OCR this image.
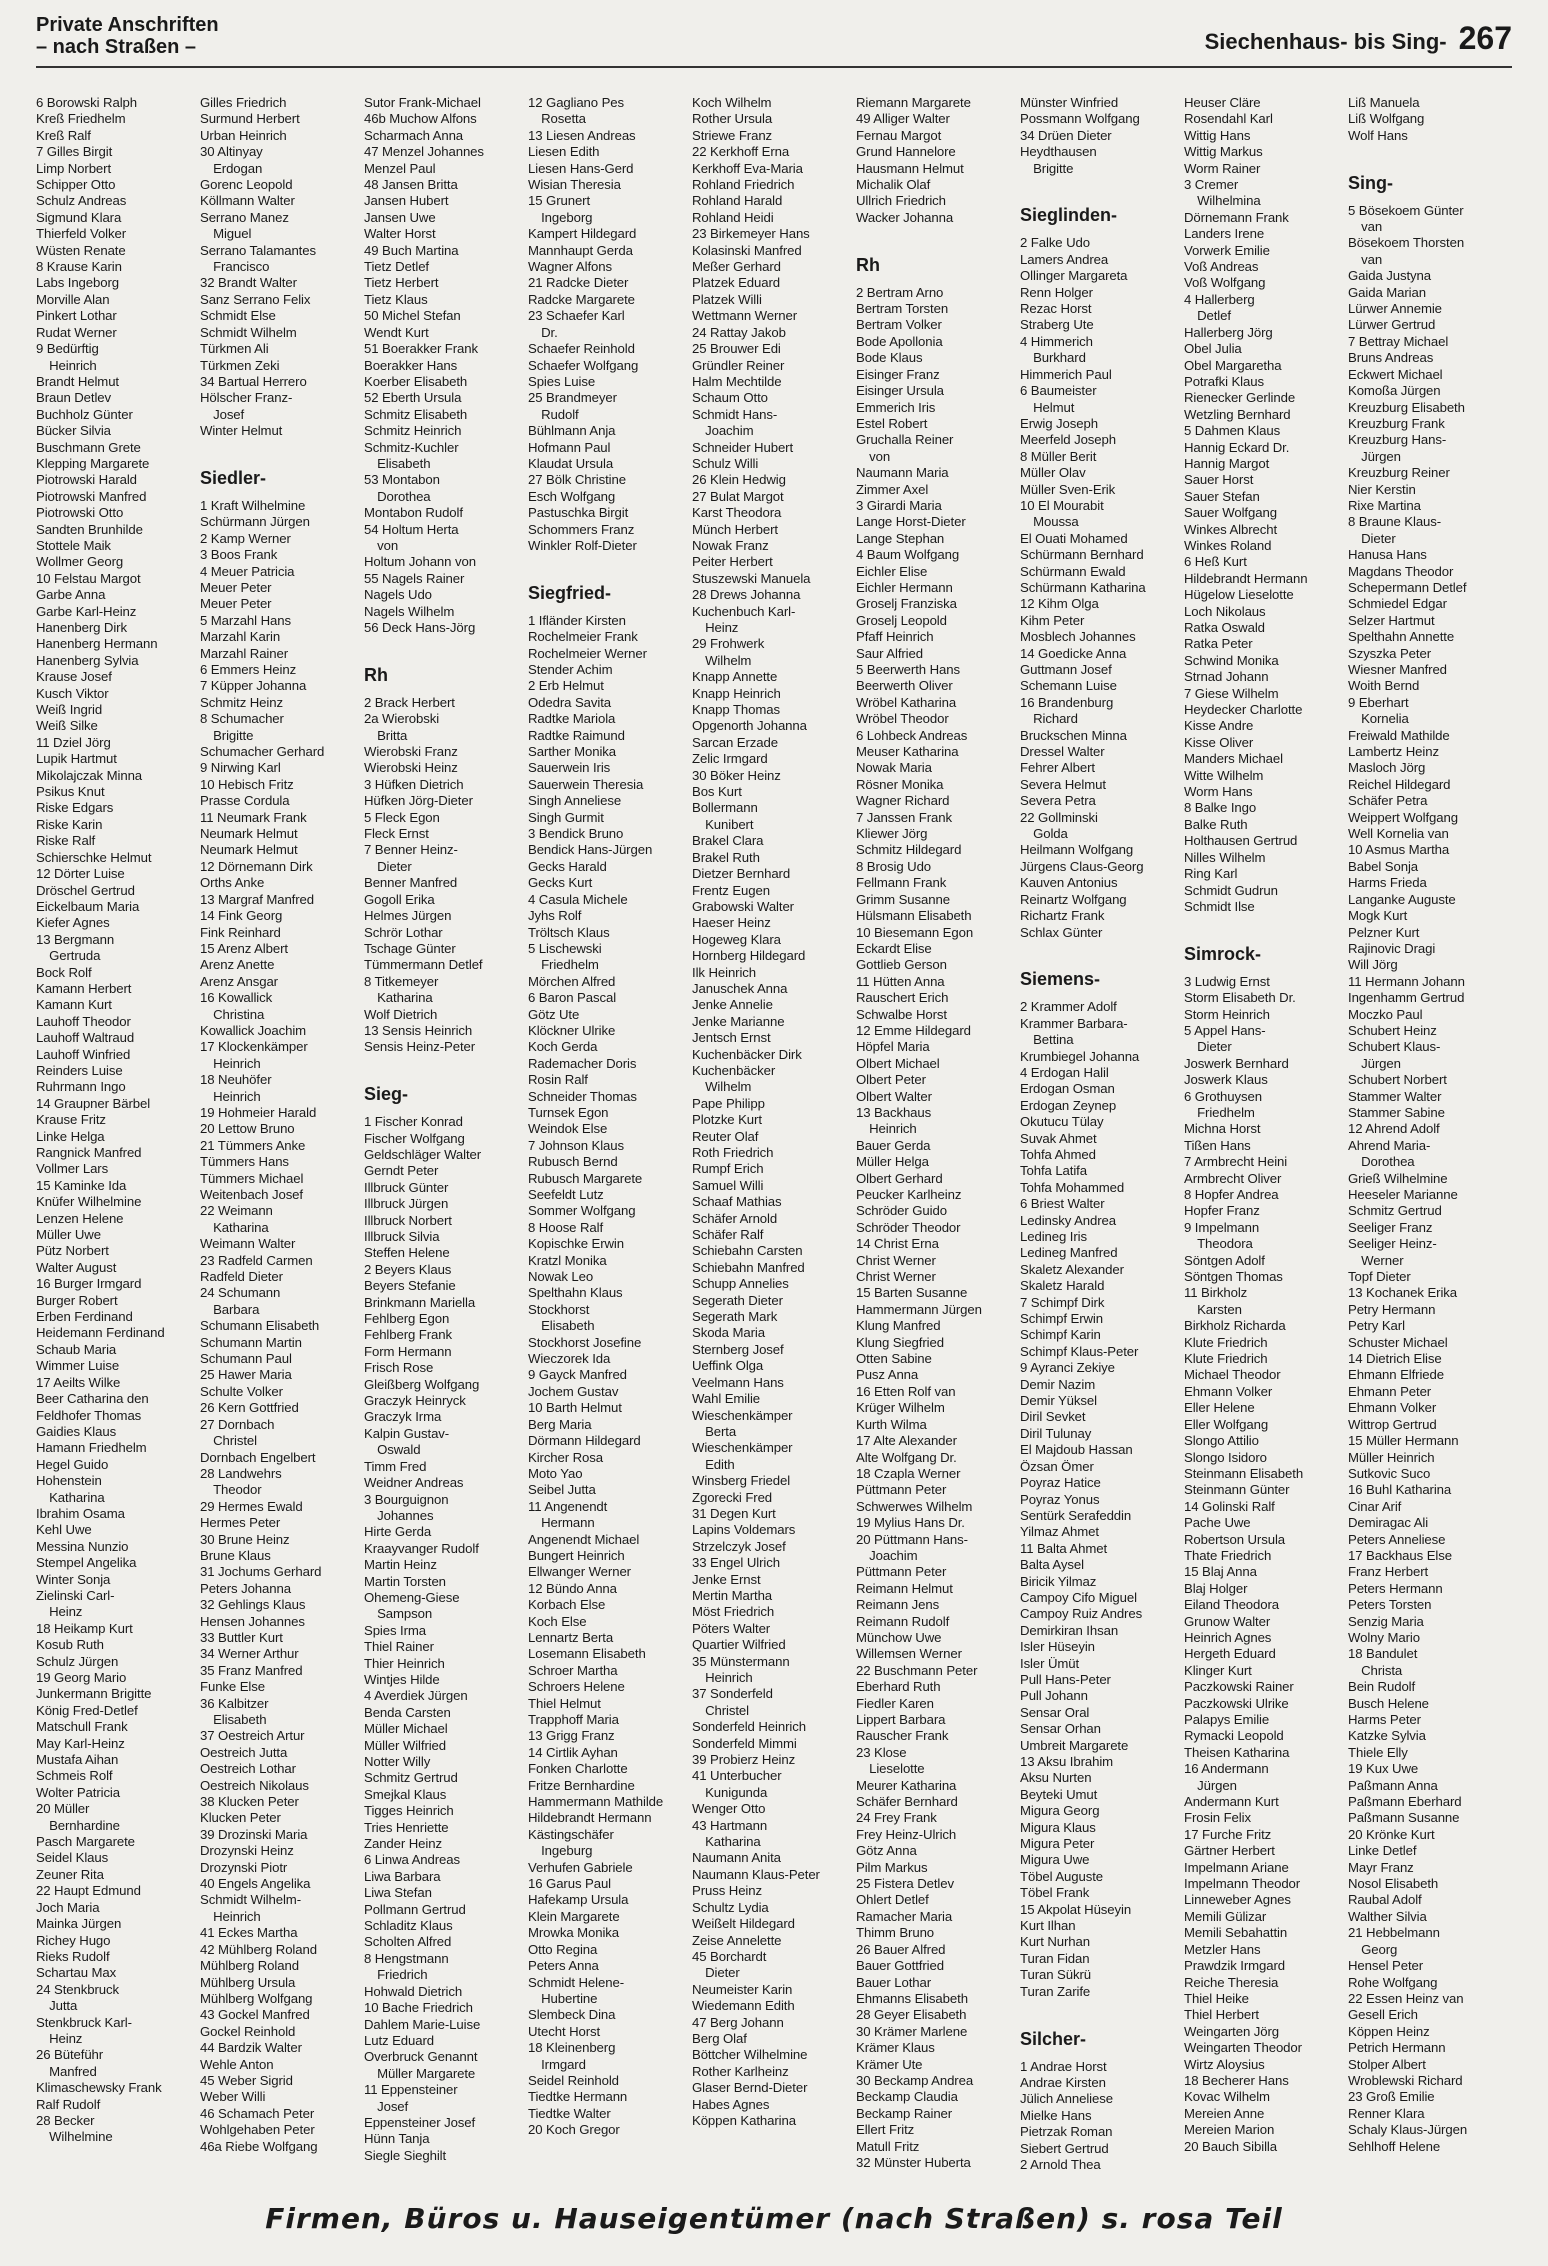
Private Anschriften
– nach Straßen –	Siechenhaus- bis Sing- 267
6 Borowski Ralph
Kreß Friedhelm
Kreß Ralf
7 Gilles Birgit
Limp Norbert
Schipper Otto
Schulz Andreas
Sigmund Klara
Thierfeld Volker
Wüsten Renate
8 Krause Karin
Labs Ingeborg
Morville Alan
Pinkert Lothar
Rudat Werner
9 Bedürftig
 Heinrich
Brandt Helmut
Braun Detlev
Buchholz Günter
Bücker Silvia
Buschmann Grete
Klepping Margarete
Piotrowski Harald
Piotrowski Manfred
Piotrowski Otto
Sandten Brunhilde
Stottele Maik
Wollmer Georg
10 Felstau Margot
Garbe Anna
Garbe Karl-Heinz
Hanenberg Dirk
Hanenberg Hermann
Hanenberg Sylvia
Krause Josef
Kusch Viktor
Weiß Ingrid
Weiß Silke
11 Dziel Jörg
Lupik Hartmut
Mikolajczak Minna
Psikus Knut
Riske Edgars
Riske Karin
Riske Ralf
Schierschke Helmut
12 Dörter Luise
Dröschel Gertrud
Eickelbaum Maria
Kiefer Agnes
13 Bergmann
 Gertruda
Bock Rolf
Kamann Herbert
Kamann Kurt
Lauhoff Theodor
Lauhoff Waltraud
Lauhoff Winfried
Reinders Luise
Ruhrmann Ingo
14 Graupner Bärbel
Krause Fritz
Linke Helga
Rangnick Manfred
Vollmer Lars
15 Kaminke Ida
Knüfer Wilhelmine
Lenzen Helene
Müller Uwe
Pütz Norbert
Walter August
16 Burger Irmgard
Burger Robert
Erben Ferdinand
Heidemann Ferdinand
Schaub Maria
Wimmer Luise
17 Aeilts Wilke
Beer Catharina den
Feldhofer Thomas
Gaidies Klaus
Hamann Friedhelm
Hegel Guido
Hohenstein
 Katharina
Ibrahim Osama
Kehl Uwe
Messina Nunzio
Stempel Angelika
Winter Sonja
Zielinski Carl-
 Heinz
18 Heikamp Kurt
Kosub Ruth
Schulz Jürgen
19 Georg Mario
Junkermann Brigitte
König Fred-Detlef
Matschull Frank
May Karl-Heinz
Mustafa Aihan
Schmeis Rolf
Wolter Patricia
20 Müller
 Bernhardine
Pasch Margarete
Seidel Klaus
Zeuner Rita
22 Haupt Edmund
Joch Maria
Mainka Jürgen
Richey Hugo
Rieks Rudolf
Schartau Max
24 Stenkbruck
 Jutta
Stenkbruck Karl-
 Heinz
26 Büteführ
 Manfred
Klimaschewsky Frank
Ralf Rudolf
28 Becker
 Wilhelmine
Gilles Friedrich
Surmund Herbert
Urban Heinrich
30 Altinyay
 Erdogan
Gorenc Leopold
Köllmann Walter
Serrano Manez
 Miguel
Serrano Talamantes
 Francisco
32 Brandt Walter
Sanz Serrano Felix
Schmidt Else
Schmidt Wilhelm
Türkmen Ali
Türkmen Zeki
34 Bartual Herrero
Hölscher Franz-
 Josef
Winter Helmut

Siedler-
1 Kraft Wilhelmine
Schürmann Jürgen
2 Kamp Werner
3 Boos Frank
4 Meuer Patricia
Meuer Peter
Meuer Peter
5 Marzahl Hans
Marzahl Karin
Marzahl Rainer
6 Emmers Heinz
7 Küpper Johanna
Schmitz Heinz
8 Schumacher
 Brigitte
Schumacher Gerhard
9 Nirwing Karl
10 Hebisch Fritz
Prasse Cordula
11 Neumark Frank
Neumark Helmut
Neumark Helmut
12 Dörnemann Dirk
Orths Anke
13 Margraf Manfred
14 Fink Georg
Fink Reinhard
15 Arenz Albert
Arenz Anette
Arenz Ansgar
16 Kowallick
 Christina
Kowallick Joachim
17 Klockenkämper
 Heinrich
18 Neuhöfer
 Heinrich
19 Hohmeier Harald
20 Lettow Bruno
21 Tümmers Anke
Tümmers Hans
Tümmers Michael
Weitenbach Josef
22 Weimann
 Katharina
Weimann Walter
23 Radfeld Carmen
Radfeld Dieter
24 Schumann
 Barbara
Schumann Elisabeth
Schumann Martin
Schumann Paul
25 Hawer Maria
Schulte Volker
26 Kern Gottfried
27 Dornbach
 Christel
Dornbach Engelbert
28 Landwehrs
 Theodor
29 Hermes Ewald
Hermes Peter
30 Brune Heinz
Brune Klaus
31 Jochums Gerhard
Peters Johanna
32 Gehlings Klaus
Hensen Johannes
33 Buttler Kurt
34 Werner Arthur
35 Franz Manfred
Funke Else
36 Kalbitzer
 Elisabeth
37 Oestreich Artur
Oestreich Jutta
Oestreich Lothar
Oestreich Nikolaus
38 Klucken Peter
Klucken Peter
39 Drozinski Maria
Drozynski Heinz
Drozynski Piotr
40 Engels Angelika
Schmidt Wilhelm-
 Heinrich
41 Eckes Martha
42 Mühlberg Roland
Mühlberg Roland
Mühlberg Ursula
Mühlberg Wolfgang
43 Gockel Manfred
Gockel Reinhold
44 Bardzik Walter
Wehle Anton
45 Weber Sigrid
Weber Willi
46 Schamach Peter
Wohlgehaben Peter
46a Riebe Wolfgang
Sutor Frank-Michael
46b Muchow Alfons
Scharmach Anna
47 Menzel Johannes
Menzel Paul
48 Jansen Britta
Jansen Hubert
Jansen Uwe
Walter Horst
49 Buch Martina
Tietz Detlef
Tietz Herbert
Tietz Klaus
50 Michel Stefan
Wendt Kurt
51 Boerakker Frank
Boerakker Hans
Koerber Elisabeth
52 Eberth Ursula
Schmitz Elisabeth
Schmitz Heinrich
Schmitz-Kuchler
 Elisabeth
53 Montabon
 Dorothea
Montabon Rudolf
54 Holtum Herta
 von
Holtum Johann von
55 Nagels Rainer
Nagels Udo
Nagels Wilhelm
56 Deck Hans-Jörg

Rh
2 Brack Herbert
2a Wierobski
 Britta
Wierobski Franz
Wierobski Heinz
3 Hüfken Dietrich
Hüfken Jörg-Dieter
5 Fleck Egon
Fleck Ernst
7 Benner Heinz-
 Dieter
Benner Manfred
Gogoll Erika
Helmes Jürgen
Schrör Lothar
Tschage Günter
Tümmermann Detlef
8 Titkemeyer
 Katharina
Wolf Dietrich
13 Sensis Heinrich
Sensis Heinz-Peter

Sieg-
1 Fischer Konrad
Fischer Wolfgang
Geldschläger Walter
Gerndt Peter
Illbruck Günter
Illbruck Jürgen
Illbruck Norbert
Illbruck Silvia
Steffen Helene
2 Beyers Klaus
Beyers Stefanie
Brinkmann Mariella
Fehlberg Egon
Fehlberg Frank
Form Hermann
Frisch Rose
Gleißberg Wolfgang
Graczyk Heinryck
Graczyk Irma
Kalpin Gustav-
 Oswald
Timm Fred
Weidner Andreas
3 Bourguignon
 Johannes
Hirte Gerda
Kraayvanger Rudolf
Martin Heinz
Martin Torsten
Ohemeng-Giese
 Sampson
Spies Irma
Thiel Rainer
Thier Heinrich
Wintjes Hilde
4 Averdiek Jürgen
Benda Carsten
Müller Michael
Müller Wilfried
Notter Willy
Schmitz Gertrud
Smejkal Klaus
Tigges Heinrich
Tries Henriette
Zander Heinz
6 Linwa Andreas
Liwa Barbara
Liwa Stefan
Pollmann Gertrud
Schladitz Klaus
Scholten Alfred
8 Hengstmann
 Friedrich
Hohwald Dietrich
10 Bache Friedrich
Dahlem Marie-Luise
Lutz Eduard
Overbruck Genannt
 Müller Margarete
11 Eppensteiner
 Josef
Eppensteiner Josef
Hünn Tanja
Siegle Sieghilt
12 Gagliano Pes
 Rosetta
13 Liesen Andreas
Liesen Edith
Liesen Hans-Gerd
Wisian Theresia
15 Grunert
 Ingeborg
Kampert Hildegard
Mannhaupt Gerda
Wagner Alfons
21 Radcke Dieter
Radcke Margarete
23 Schaefer Karl
 Dr.
Schaefer Reinhold
Schaefer Wolfgang
Spies Luise
25 Brandmeyer
 Rudolf
Bühlmann Anja
Hofmann Paul
Klaudat Ursula
27 Bölk Christine
Esch Wolfgang
Pastuschka Birgit
Schommers Franz
Winkler Rolf-Dieter

Siegfried-
1 Ifländer Kirsten
Rochelmeier Frank
Rochelmeier Werner
Stender Achim
2 Erb Helmut
Odedra Savita
Radtke Mariola
Radtke Raimund
Sarther Monika
Sauerwein Iris
Sauerwein Theresia
Singh Anneliese
Singh Gurmit
3 Bendick Bruno
Bendick Hans-Jürgen
Gecks Harald
Gecks Kurt
4 Casula Michele
Jyhs Rolf
Tröltsch Klaus
5 Lischewski
 Friedhelm
Mörchen Alfred
6 Baron Pascal
Götz Ute
Klöckner Ulrike
Koch Gerda
Rademacher Doris
Rosin Ralf
Schneider Thomas
Turnsek Egon
Weindok Else
7 Johnson Klaus
Rubusch Bernd
Rubusch Margarete
Seefeldt Lutz
Sommer Wolfgang
8 Hoose Ralf
Kopischke Erwin
Kratzl Monika
Nowak Leo
Spelthahn Klaus
Stockhorst
 Elisabeth
Stockhorst Josefine
Wieczorek Ida
9 Gayck Manfred
Jochem Gustav
10 Barth Helmut
Berg Maria
Dörmann Hildegard
Kircher Rosa
Moto Yao
Seibel Jutta
11 Angenendt
 Hermann
Angenendt Michael
Bungert Heinrich
Ellwanger Werner
12 Bündo Anna
Korbach Else
Koch Else
Lennartz Berta
Losemann Elisabeth
Schroer Martha
Schroers Helene
Thiel Helmut
Trapphoff Maria
13 Grigg Franz
14 Cirtlik Ayhan
Fonken Charlotte
Fritze Bernhardine
Hammermann Mathilde
Hildebrandt Hermann
Kästingschäfer
 Ingeburg
Verhufen Gabriele
16 Garus Paul
Hafekamp Ursula
Klein Margarete
Mrowka Monika
Otto Regina
Peters Anna
Schmidt Helene-
 Hubertine
Slembeck Dina
Utecht Horst
18 Kleinenberg
 Irmgard
Seidel Reinhold
Tiedtke Hermann
Tiedtke Walter
20 Koch Gregor
Koch Wilhelm
Rother Ursula
Striewe Franz
22 Kerkhoff Erna
Kerkhoff Eva-Maria
Rohland Friedrich
Rohland Harald
Rohland Heidi
23 Birkemeyer Hans
Kolasinski Manfred
Meßer Gerhard
Platzek Eduard
Platzek Willi
Wettmann Werner
24 Rattay Jakob
25 Brouwer Edi
Gründler Reiner
Halm Mechtilde
Schaum Otto
Schmidt Hans-
 Joachim
Schneider Hubert
Schulz Willi
26 Klein Hedwig
27 Bulat Margot
Karst Theodora
Münch Herbert
Nowak Franz
Peiter Herbert
Stuszewski Manuela
28 Drews Johanna
Kuchenbuch Karl-
 Heinz
29 Frohwerk
 Wilhelm
Knapp Annette
Knapp Heinrich
Knapp Thomas
Opgenorth Johanna
Sarcan Erzade
Zelic Irmgard
30 Böker Heinz
Bos Kurt
Bollermann
 Kunibert
Brakel Clara
Brakel Ruth
Dietzer Bernhard
Frentz Eugen
Grabowski Walter
Haeser Heinz
Hogeweg Klara
Hornberg Hildegard
Ilk Heinrich
Januschek Anna
Jenke Annelie
Jenke Marianne
Jentsch Ernst
Kuchenbäcker Dirk
Kuchenbäcker
 Wilhelm
Pape Philipp
Plotzke Kurt
Reuter Olaf
Roth Friedrich
Rumpf Erich
Samuel Willi
Schaaf Mathias
Schäfer Arnold
Schäfer Ralf
Schiebahn Carsten
Schiebahn Manfred
Schupp Annelies
Segerath Dieter
Segerath Mark
Skoda Maria
Sternberg Josef
Ueffink Olga
Veelmann Hans
Wahl Emilie
Wieschenkämper
 Berta
Wieschenkämper
 Edith
Winsberg Friedel
Zgorecki Fred
31 Degen Kurt
Lapins Voldemars
Strzelczyk Josef
33 Engel Ulrich
Jenke Ernst
Mertin Martha
Möst Friedrich
Pöters Walter
Quartier Wilfried
35 Münstermann
 Heinrich
37 Sonderfeld
 Christel
Sonderfeld Heinrich
Sonderfeld Mimmi
39 Probierz Heinz
41 Unterbucher
 Kunigunda
Wenger Otto
43 Hartmann
 Katharina
Naumann Anita
Naumann Klaus-Peter
Pruss Heinz
Schultz Lydia
Weißelt Hildegard
Zeise Annelette
45 Borchardt
 Dieter
Neumeister Karin
Wiedemann Edith
47 Berg Johann
Berg Olaf
Böttcher Wilhelmine
Rother Karlheinz
Glaser Bernd-Dieter
Habes Agnes
Köppen Katharina
Riemann Margarete
49 Alliger Walter
Fernau Margot
Grund Hannelore
Hausmann Helmut
Michalik Olaf
Ullrich Friedrich
Wacker Johanna

Rh
2 Bertram Arno
Bertram Torsten
Bertram Volker
Bode Apollonia
Bode Klaus
Eisinger Franz
Eisinger Ursula
Emmerich Iris
Estel Robert
Gruchalla Reiner
 von
Naumann Maria
Zimmer Axel
3 Girardi Maria
Lange Horst-Dieter
Lange Stephan
4 Baum Wolfgang
Eichler Elise
Eichler Hermann
Groselj Franziska
Groselj Leopold
Pfaff Heinrich
Saur Alfried
5 Beerwerth Hans
Beerwerth Oliver
Wröbel Katharina
Wröbel Theodor
6 Lohbeck Andreas
Meuser Katharina
Nowak Maria
Rösner Monika
Wagner Richard
7 Janssen Frank
Kliewer Jörg
Schmitz Hildegard
8 Brosig Udo
Fellmann Frank
Grimm Susanne
Hülsmann Elisabeth
10 Biesemann Egon
Eckardt Elise
Gottlieb Gerson
11 Hütten Anna
Rauschert Erich
Schwalbe Horst
12 Emme Hildegard
Höpfel Maria
Olbert Michael
Olbert Peter
Olbert Walter
13 Backhaus
 Heinrich
Bauer Gerda
Müller Helga
Olbert Gerhard
Peucker Karlheinz
Schröder Guido
Schröder Theodor
14 Christ Erna
Christ Werner
Christ Werner
15 Barten Susanne
Hammermann Jürgen
Klung Manfred
Klung Siegfried
Otten Sabine
Pusz Anna
16 Etten Rolf van
Krüger Wilhelm
Kurth Wilma
17 Alte Alexander
Alte Wolfgang Dr.
18 Czapla Werner
Püttmann Peter
Schwerwes Wilhelm
19 Mylius Hans Dr.
20 Püttmann Hans-
 Joachim
Püttmann Peter
Reimann Helmut
Reimann Jens
Reimann Rudolf
Münchow Uwe
Willemsen Werner
22 Buschmann Peter
Eberhard Ruth
Fiedler Karen
Lippert Barbara
Rauscher Frank
23 Klose
 Lieselotte
Meurer Katharina
Schäfer Bernhard
24 Frey Frank
Frey Heinz-Ulrich
Götz Anna
Pilm Markus
25 Fistera Detlev
Ohlert Detlef
Ramacher Maria
Thimm Bruno
26 Bauer Alfred
Bauer Gottfried
Bauer Lothar
Ehmanns Elisabeth
28 Geyer Elisabeth
30 Krämer Marlene
Krämer Klaus
Krämer Ute
30 Beckamp Andrea
Beckamp Claudia
Beckamp Rainer
Ellert Fritz
Matull Fritz
32 Münster Huberta
Münster Winfried
Possmann Wolfgang
34 Drüen Dieter
Heydthausen
 Brigitte

Sieglinden-
2 Falke Udo
Lamers Andrea
Ollinger Margareta
Renn Holger
Rezac Horst
Straberg Ute
4 Himmerich
 Burkhard
Himmerich Paul
6 Baumeister
 Helmut
Erwig Joseph
Meerfeld Joseph
8 Müller Berit
Müller Olav
Müller Sven-Erik
10 El Mourabit
 Moussa
El Ouati Mohamed
Schürmann Bernhard
Schürmann Ewald
Schürmann Katharina
12 Kihm Olga
Kihm Peter
Mosblech Johannes
14 Goedicke Anna
Guttmann Josef
Schemann Luise
16 Brandenburg
 Richard
Bruckschen Minna
Dressel Walter
Fehrer Albert
Severa Helmut
Severa Petra
22 Gollminski
 Golda
Heilmann Wolfgang
Jürgens Claus-Georg
Kauven Antonius
Reinartz Wolfgang
Richartz Frank
Schlax Günter

Siemens-
2 Krammer Adolf
Krammer Barbara-
 Bettina
Krumbiegel Johanna
4 Erdogan Halil
Erdogan Osman
Erdogan Zeynep
Okutucu Tülay
Suvak Ahmet
Tohfa Ahmed
Tohfa Latifa
Tohfa Mohammed
6 Briest Walter
Ledinsky Andrea
Ledineg Iris
Ledineg Manfred
Skaletz Alexander
Skaletz Harald
7 Schimpf Dirk
Schimpf Erwin
Schimpf Karin
Schimpf Klaus-Peter
9 Ayranci Zekiye
Demir Nazim
Demir Yüksel
Diril Sevket
Diril Tulunay
El Majdoub Hassan
Özsan Ömer
Poyraz Hatice
Poyraz Yonus
Sentürk Serafeddin
Yilmaz Ahmet
11 Balta Ahmet
Balta Aysel
Biricik Yilmaz
Campoy Cifo Miguel
Campoy Ruiz Andres
Demirkiran Ihsan
Isler Hüseyin
Isler Ümüt
Pull Hans-Peter
Pull Johann
Sensar Oral
Sensar Orhan
Umbreit Margarete
13 Aksu Ibrahim
Aksu Nurten
Beyteki Umut
Migura Georg
Migura Klaus
Migura Peter
Migura Uwe
Töbel Auguste
Töbel Frank
15 Akpolat Hüseyin
Kurt Ilhan
Kurt Nurhan
Turan Fidan
Turan Sükrü
Turan Zarife

Silcher-
1 Andrae Horst
Andrae Kirsten
Jülich Anneliese
Mielke Hans
Pietrzak Roman
Siebert Gertrud
2 Arnold Thea
Heuser Cläre
Rosendahl Karl
Wittig Hans
Wittig Markus
Worm Rainer
3 Cremer
 Wilhelmina
Dörnemann Frank
Landers Irene
Vorwerk Emilie
Voß Andreas
Voß Wolfgang
4 Hallerberg
 Detlef
Hallerberg Jörg
Obel Julia
Obel Margaretha
Potrafki Klaus
Rienecker Gerlinde
Wetzling Bernhard
5 Dahmen Klaus
Hannig Eckard Dr.
Hannig Margot
Sauer Horst
Sauer Stefan
Sauer Wolfgang
Winkes Albrecht
Winkes Roland
6 Heß Kurt
Hildebrandt Hermann
Hügelow Lieselotte
Loch Nikolaus
Ratka Oswald
Ratka Peter
Schwind Monika
Strnad Johann
7 Giese Wilhelm
Heydecker Charlotte
Kisse Andre
Kisse Oliver
Manders Michael
Witte Wilhelm
Worm Hans
8 Balke Ingo
Balke Ruth
Holthausen Gertrud
Nilles Wilhelm
Ring Karl
Schmidt Gudrun
Schmidt Ilse

Simrock-
3 Ludwig Ernst
Storm Elisabeth Dr.
Storm Heinrich
5 Appel Hans-
 Dieter
Joswerk Bernhard
Joswerk Klaus
6 Grothuysen
 Friedhelm
Michna Horst
Tißen Hans
7 Armbrecht Heini
Armbrecht Oliver
8 Hopfer Andrea
Hopfer Franz
9 Impelmann
 Theodora
Söntgen Adolf
Söntgen Thomas
11 Birkholz
 Karsten
Birkholz Richarda
Klute Friedrich
Klute Friedrich
Michael Theodor
Ehmann Volker
Eller Helene
Eller Wolfgang
Slongo Attilio
Slongo Isidoro
Steinmann Elisabeth
Steinmann Günter
14 Golinski Ralf
Pache Uwe
Robertson Ursula
Thate Friedrich
15 Blaj Anna
Blaj Holger
Eiland Theodora
Grunow Walter
Heinrich Agnes
Hergeth Eduard
Klinger Kurt
Paczkowski Rainer
Paczkowski Ulrike
Palapys Emilie
Rymacki Leopold
Theisen Katharina
16 Andermann
 Jürgen
Andermann Kurt
Frosin Felix
17 Furche Fritz
Gärtner Herbert
Impelmann Ariane
Impelmann Theodor
Linneweber Agnes
Memili Gülizar
Memili Sebahattin
Metzler Hans
Prawdzik Irmgard
Reiche Theresia
Thiel Heike
Thiel Herbert
Weingarten Jörg
Weingarten Theodor
Wirtz Aloysius
18 Becherer Hans
Kovac Wilhelm
Mereien Anne
Mereien Marion
20 Bauch Sibilla
Liß Manuela
Liß Wolfgang
Wolf Hans

Sing-
5 Bösekoem Günter
 van
Bösekoem Thorsten
 van
Gaida Justyna
Gaida Marian
Lürwer Annemie
Lürwer Gertrud
7 Bettray Michael
Bruns Andreas
Eckwert Michael
Komoßa Jürgen
Kreuzburg Elisabeth
Kreuzburg Frank
Kreuzburg Hans-
 Jürgen
Kreuzburg Reiner
Nier Kerstin
Rixe Martina
8 Braune Klaus-
 Dieter
Hanusa Hans
Magdans Theodor
Schepermann Detlef
Schmiedel Edgar
Selzer Hartmut
Spelthahn Annette
Szyszka Peter
Wiesner Manfred
Woith Bernd
9 Eberhart
 Kornelia
Freiwald Mathilde
Lambertz Heinz
Masloch Jörg
Reichel Hildegard
Schäfer Petra
Weippert Wolfgang
Well Kornelia van
10 Asmus Martha
Babel Sonja
Harms Frieda
Langanke Auguste
Mogk Kurt
Pelzner Kurt
Rajinovic Dragi
Will Jörg
11 Hermann Johann
Ingenhamm Gertrud
Moczko Paul
Schubert Heinz
Schubert Klaus-
 Jürgen
Schubert Norbert
Stammer Walter
Stammer Sabine
12 Ahrend Adolf
Ahrend Maria-
 Dorothea
Grieß Wilhelmine
Heeseler Marianne
Schmitz Gertrud
Seeliger Franz
Seeliger Heinz-
 Werner
Topf Dieter
13 Kochanek Erika
Petry Hermann
Petry Karl
Schuster Michael
14 Dietrich Elise
Ehmann Elfriede
Ehmann Peter
Ehmann Volker
Wittrop Gertrud
15 Müller Hermann
Müller Heinrich
Sutkovic Suco
16 Buhl Katharina
Cinar Arif
Demiragac Ali
Peters Anneliese
17 Backhaus Else
Franz Herbert
Peters Hermann
Peters Torsten
Senzig Maria
Wolny Mario
18 Bandulet
 Christa
Bein Rudolf
Busch Helene
Harms Peter
Katzke Sylvia
Thiele Elly
19 Kux Uwe
Paßmann Anna
Paßmann Eberhard
Paßmann Susanne
20 Krönke Kurt
Linke Detlef
Mayr Franz
Nosol Elisabeth
Raubal Adolf
Walther Silvia
21 Hebbelmann
 Georg
Hensel Peter
Rohe Wolfgang
22 Essen Heinz van
Gesell Erich
Köppen Heinz
Petrich Hermann
Stolper Albert
Wroblewski Richard
23 Groß Emilie
Renner Klara
Schaly Klaus-Jürgen
Sehlhoff Helene
Firmen, Büros u. Hauseigentümer (nach Straßen) s. rosa Teil
